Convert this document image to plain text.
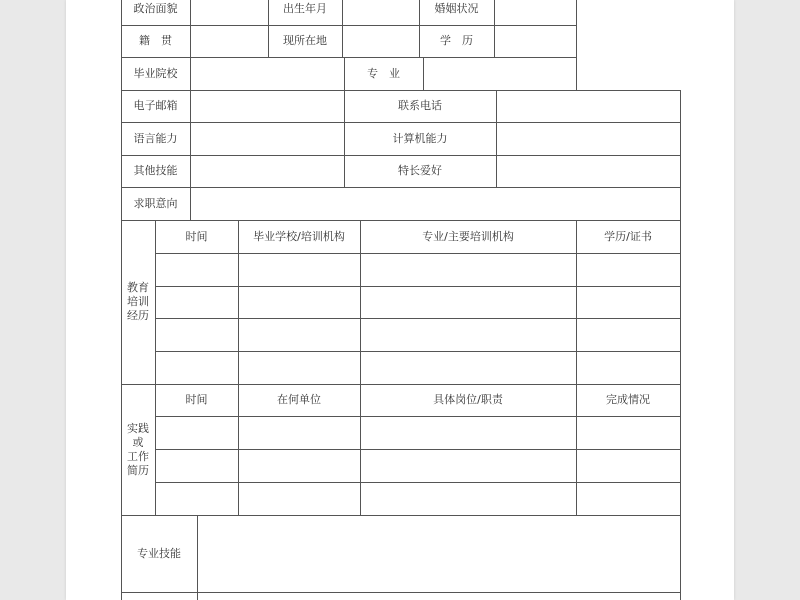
政治面貌	出生年月	婚姻状况
籍　贯	现所在地	学　历
毕业院校	专　业
电子邮箱	联系电话
语言能力	计算机能力
其他技能	特长爱好
求职意向
教育
培训
经历
时间	毕业学校/培训机构	专业/主要培训机构	学历/证书
实践
或
工作
简历
时间	在何单位	具体岗位/职责	完成情况
专业技能
